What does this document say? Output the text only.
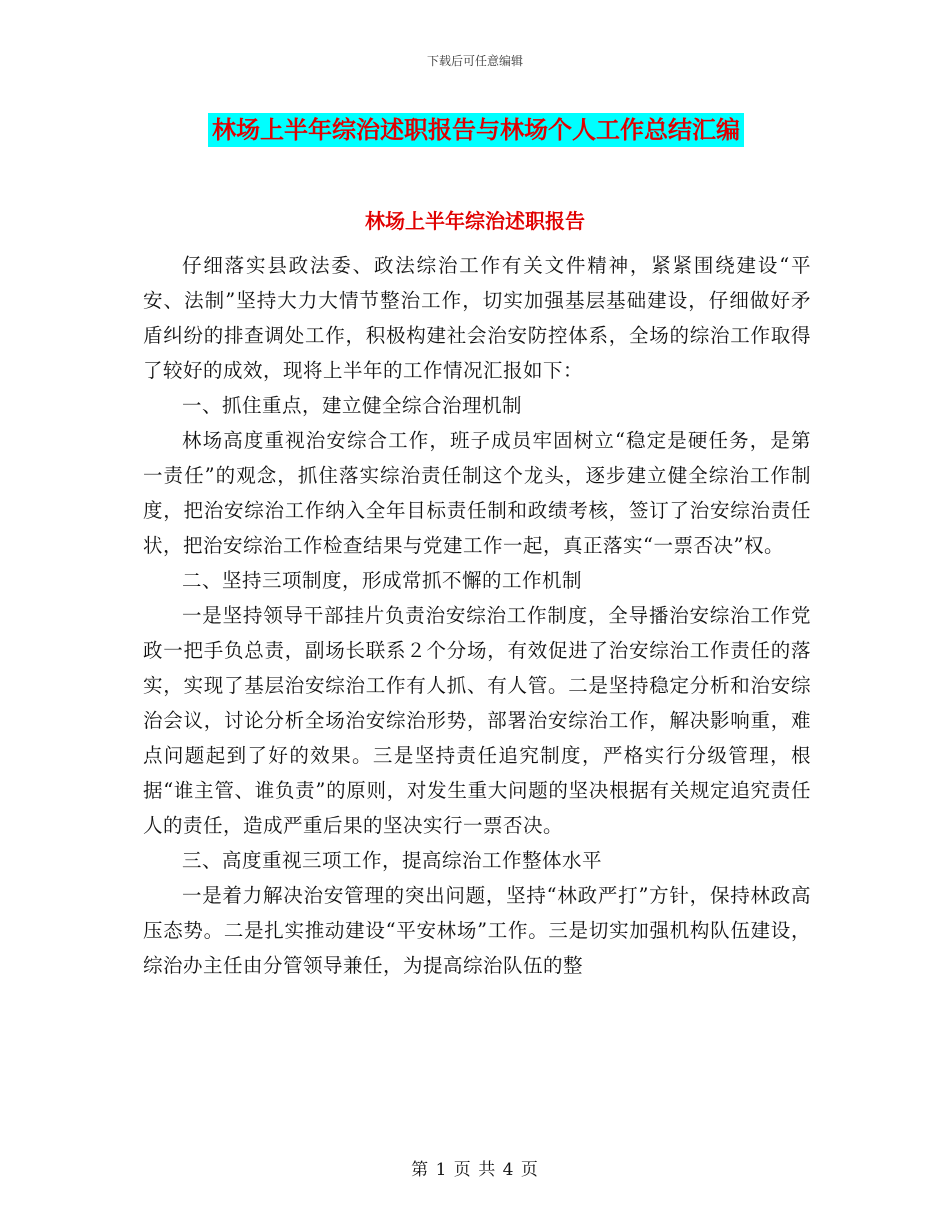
下载后可任意编辑
林场上半年综治述职报告与林场个人工作总结汇编
林场上半年综治述职报告

仔细落实县政法委、政法综治工作有关文件精神，紧紧围绕建设“平安、法制”坚持大力大情节整治工作，切实加强基层基础建设，仔细做好矛盾纠纷的排查调处工作，积极构建社会治安防控体系，全场的综治工作取得了较好的成效，现将上半年的工作情况汇报如下：

一、抓住重点，建立健全综合治理机制

林场高度重视治安综合工作，班子成员牢固树立“稳定是硬任务，是第一责任”的观念，抓住落实综治责任制这个龙头，逐步建立健全综治工作制度，把治安综治工作纳入全年目标责任制和政绩考核，签订了治安综治责任状，把治安综治工作检查结果与党建工作一起，真正落实“一票否决”权。

二、坚持三项制度，形成常抓不懈的工作机制

一是坚持领导干部挂片负责治安综治工作制度，全导播治安综治工作党政一把手负总责，副场长联系２个分场，有效促进了治安综治工作责任的落实，实现了基层治安综治工作有人抓、有人管。二是坚持稳定分析和治安综治会议，讨论分析全场治安综治形势，部署治安综治工作，解决影响重，难点问题起到了好的效果。三是坚持责任追究制度，严格实行分级管理，根据“谁主管、谁负责”的原则，对发生重大问题的坚决根据有关规定追究责任人的责任，造成严重后果的坚决实行一票否决。

三、高度重视三项工作，提高综治工作整体水平

一是着力解决治安管理的突出问题，坚持“林政严打”方针，保持林政高压态势。二是扎实推动建设“平安林场”工作。三是切实加强机构队伍建设，综治办主任由分管领导兼任，为提高综治队伍的整

第 1 页 共 4 页
